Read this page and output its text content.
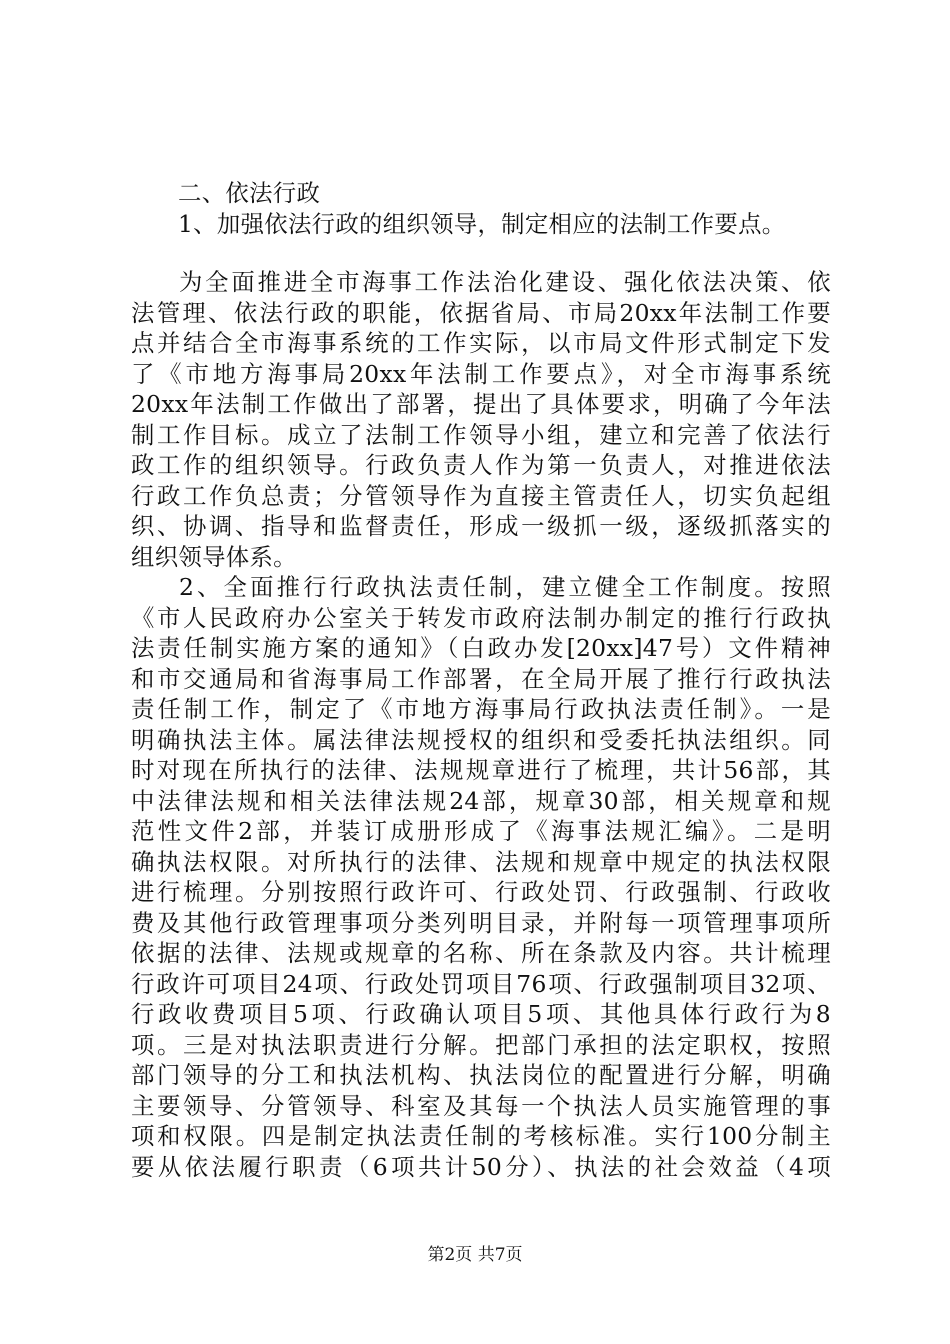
二、依法行政
1、加强依法行政的组织领导，制定相应的法制工作要点。
为全面推进全市海事工作法治化建设、强化依法决策、依
法管理、依法行政的职能，依据省局、市局20xx年法制工作要
点并结合全市海事系统的工作实际，以市局文件形式制定下发
了《市地方海事局20xx年法制工作要点》，对全市海事系统
20xx年法制工作做出了部署，提出了具体要求，明确了今年法
制工作目标。成立了法制工作领导小组，建立和完善了依法行
政工作的组织领导。行政负责人作为第一负责人，对推进依法
行政工作负总责；分管领导作为直接主管责任人，切实负起组
织、协调、指导和监督责任，形成一级抓一级，逐级抓落实的
组织领导体系。
2、全面推行行政执法责任制，建立健全工作制度。按照
《市人民政府办公室关于转发市政府法制办制定的推行行政执
法责任制实施方案的通知》（白政办发[20xx]47号）文件精神
和市交通局和省海事局工作部署，在全局开展了推行行政执法
责任制工作，制定了《市地方海事局行政执法责任制》。一是
明确执法主体。属法律法规授权的组织和受委托执法组织。同
时对现在所执行的法律、法规规章进行了梳理，共计56部，其
中法律法规和相关法律法规24部，规章30部，相关规章和规
范性文件2部，并装订成册形成了《海事法规汇编》。二是明
确执法权限。对所执行的法律、法规和规章中规定的执法权限
进行梳理。分别按照行政许可、行政处罚、行政强制、行政收
费及其他行政管理事项分类列明目录，并附每一项管理事项所
依据的法律、法规或规章的名称、所在条款及内容。共计梳理
行政许可项目24项、行政处罚项目76项、行政强制项目32项、
行政收费项目5项、行政确认项目5项、其他具体行政行为8
项。三是对执法职责进行分解。把部门承担的法定职权，按照
部门领导的分工和执法机构、执法岗位的配置进行分解，明确
主要领导、分管领导、科室及其每一个执法人员实施管理的事
项和权限。四是制定执法责任制的考核标准。实行100分制主
要从依法履行职责（6项共计50分）、执法的社会效益（4项
第2页 共7页
